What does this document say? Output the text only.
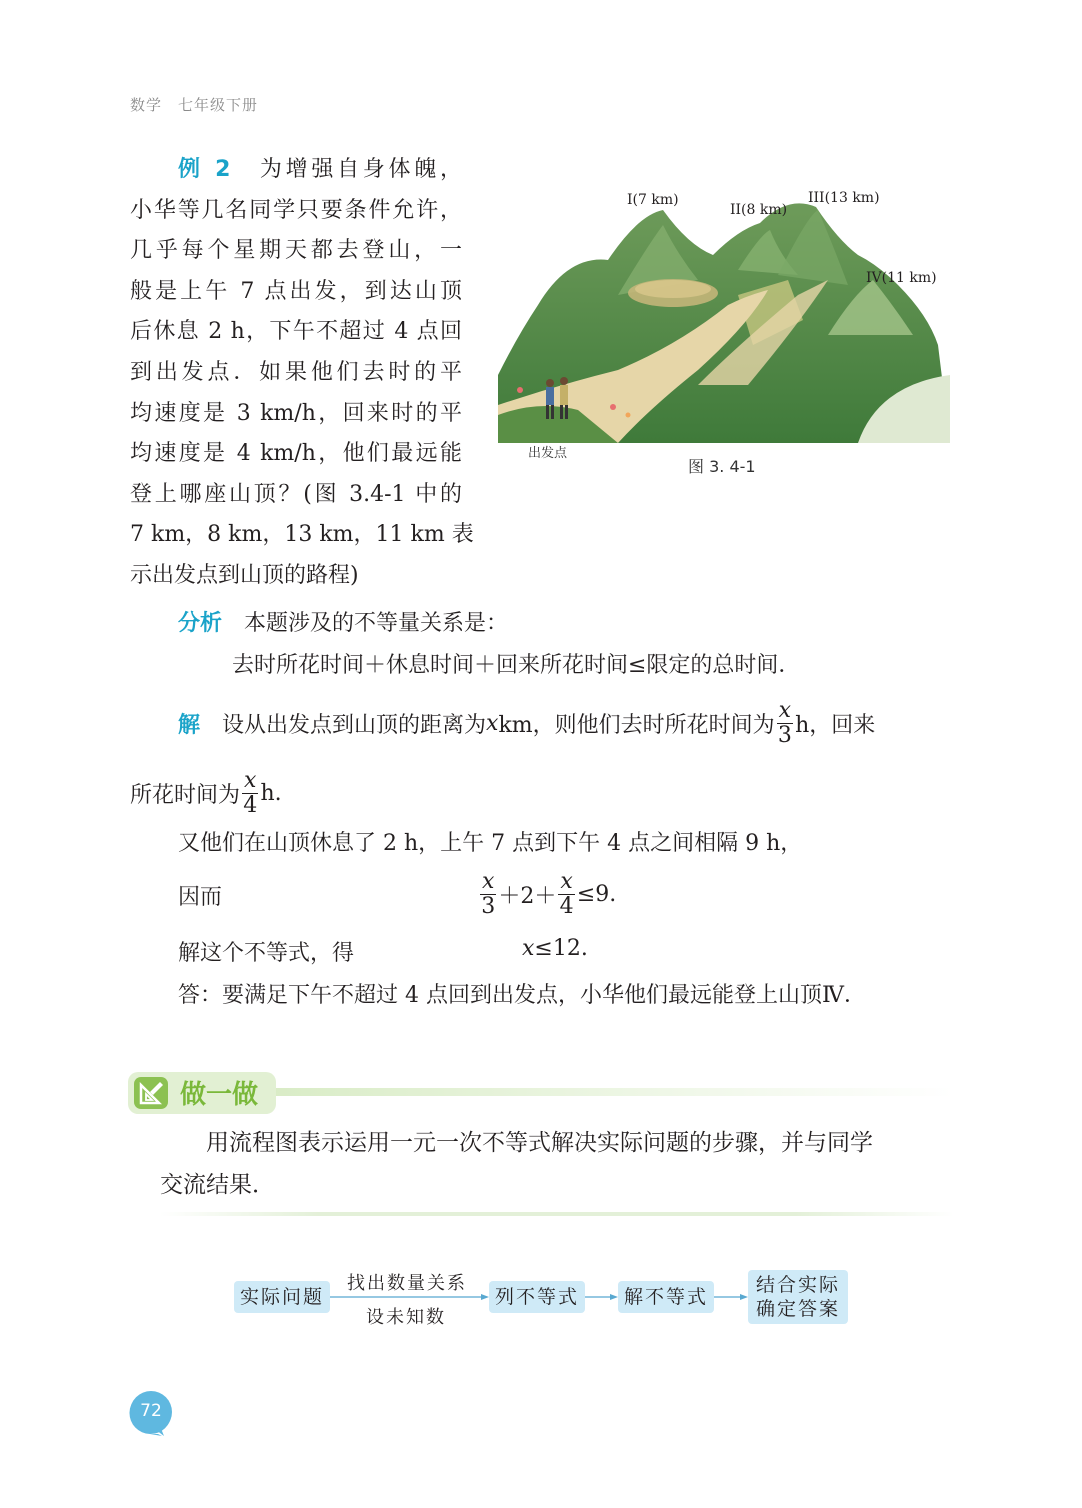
数学　七年级下册
例 2　 为增强自身体魄，
小华等几名同学只要条件允许，
几乎每个星期天都去登山，一
般是上午 7 点出发，到达山顶
后休息 2 h，下午不超过 4 点回
到出发点．如果他们去时的平
均速度是 3 km/h，回来时的平
均速度是 4 km/h，他们最远能
登上哪座山顶？(图 3.4-1 中的
7 km，8 km，13 km，11 km 表
示出发点到山顶的路程)
I(7 km)
II(8 km)
III(13 km)
IV(11 km)
出发点
图 3. 4-1
分析　 本题涉及的不等量关系是：
去时所花时间＋休息时间＋回来所花时间≤限定的总时间．
解 设从出发点到山顶的距离为 x km，则他们去时所花时间为 $\frac{x}{3}$ h，回来
所花时间为 $\frac{x}{4} h$.
又他们在山顶休息了 2 h，上午 7 点到下午 4 点之间相隔 9 h，
因而	$\frac{x}{3} +2+ \frac{x}{4} \le 9$.
解这个不等式，得	x≤12.
答：要满足下午不超过 4 点回到出发点，小华他们最远能登上山顶Ⅳ．
做一做
用流程图表示运用一元一次不等式解决实际问题的步骤，并与同学
交流结果．
实际问题
找出数量关系
设未知数
列不等式	解不等式
结合实际
确定答案
72
